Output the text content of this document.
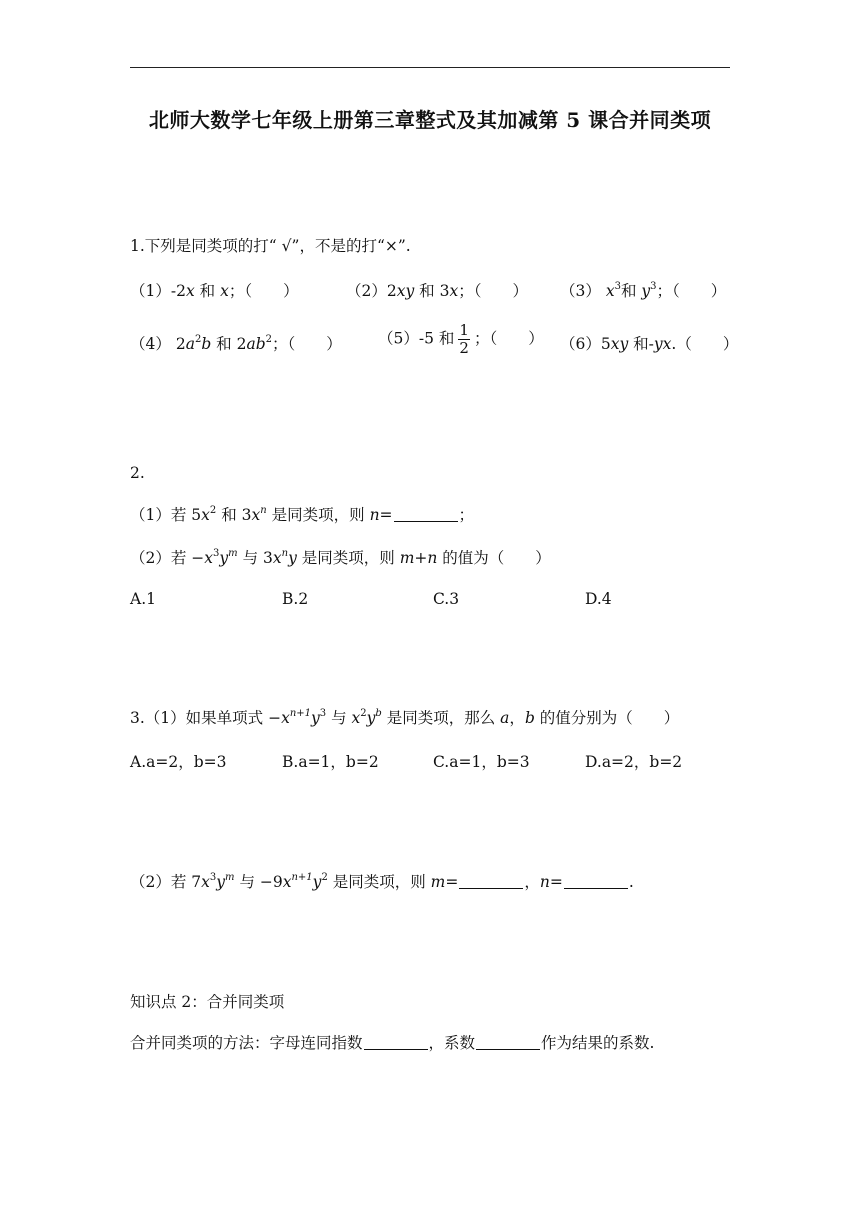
北师大数学七年级上册第三章整式及其加减第 5 课合并同类项
1.下列是同类项的打“ √”，不是的打“×”.
（1）-2x 和 x；（　　）	（2）2xy 和 3x；（　　） （3） $x^3$和 $y^3$；（　　）
（4） $2a^2b$ 和 $2ab^2$；（　　） （5）-5 和 $\frac{1}{2}$ ；（　　） （6）5xy 和-yx.（　　）
2.
（1）若 $5x^2$ 和 $3x^n$ 是同类项，则 n=	；
（2）若 $-x^3y^m$ 与 $3x^ny$ 是同类项，则 m+n 的值为（　　）
A.1	B.2	C.3	D.4
3.（1）如果单项式 $-x^{n+1}y^3$ 与 $x^2y^b$ 是同类项，那么 a，b 的值分别为（　　）
A.a=2，b=3	B.a=1，b=2	C.a=1，b=3	D.a=2，b=2
（2）若 $7x^3y^m$ 与 $-9x^{n+1}y^2$ 是同类项，则 m=	，n=	.
知识点 2：合并同类项
合并同类项的方法：字母连同指数	，系数	作为结果的系数.
